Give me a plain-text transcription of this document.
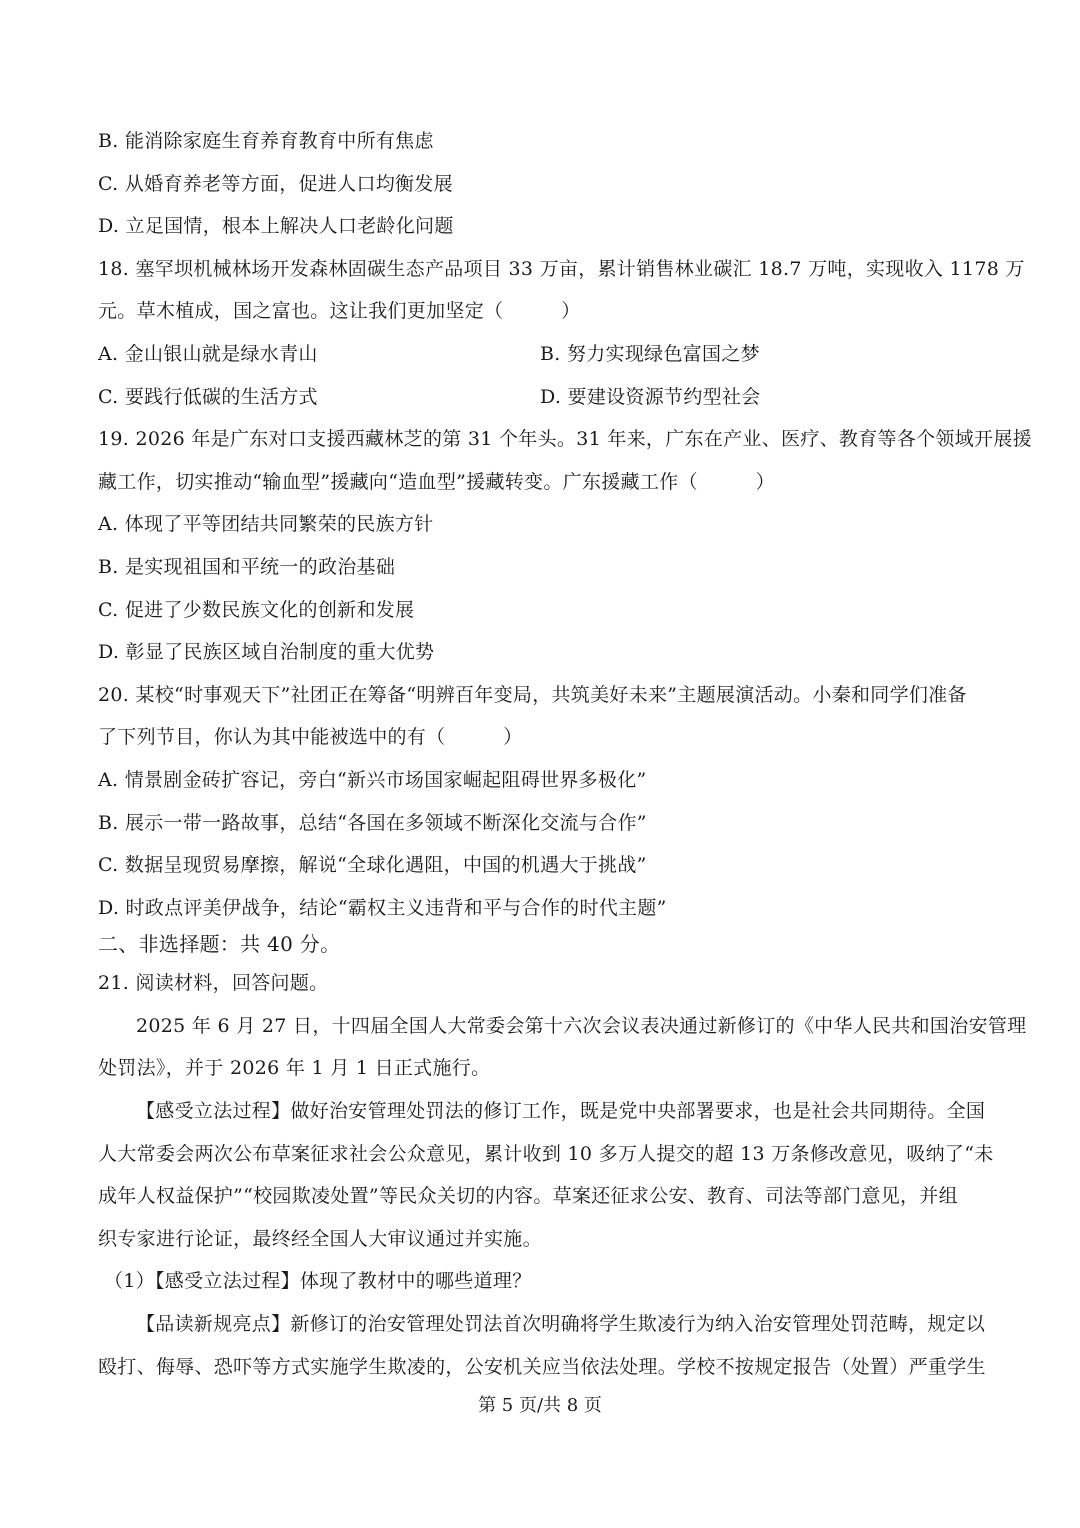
B. 能消除家庭生育养育教育中所有焦虑
C. 从婚育养老等方面，促进人口均衡发展
D. 立足国情，根本上解决人口老龄化问题
18. 塞罕坝机械林场开发森林固碳生态产品项目 33 万亩，累计销售林业碳汇 18.7 万吨，实现收入 1178 万
元。草木植成，国之富也。这让我们更加坚定（　　　）
A. 金山银山就是绿水青山	B. 努力实现绿色富国之梦
C. 要践行低碳的生活方式	D. 要建设资源节约型社会
19. 2026 年是广东对口支援西藏林芝的第 31 个年头。31 年来，广东在产业、医疗、教育等各个领域开展援
藏工作，切实推动“输血型”援藏向“造血型”援藏转变。广东援藏工作（　　　）
A. 体现了平等团结共同繁荣的民族方针
B. 是实现祖国和平统一的政治基础
C. 促进了少数民族文化的创新和发展
D. 彰显了民族区域自治制度的重大优势
20. 某校“时事观天下”社团正在筹备“明辨百年变局，共筑美好未来”主题展演活动。小秦和同学们准备
了下列节目，你认为其中能被选中的有（　　　）
A. 情景剧金砖扩容记，旁白“新兴市场国家崛起阻碍世界多极化”
B. 展示一带一路故事，总结“各国在多领域不断深化交流与合作”
C. 数据呈现贸易摩擦，解说“全球化遇阻，中国的机遇大于挑战”
D. 时政点评美伊战争，结论“霸权主义违背和平与合作的时代主题”
二、非选择题：共 40 分。
21. 阅读材料，回答问题。
2025 年 6 月 27 日，十四届全国人大常委会第十六次会议表决通过新修订的《中华人民共和国治安管理
处罚法》，并于 2026 年 1 月 1 日正式施行。
【感受立法过程】做好治安管理处罚法的修订工作，既是党中央部署要求，也是社会共同期待。全国
人大常委会两次公布草案征求社会公众意见，累计收到 10 多万人提交的超 13 万条修改意见，吸纳了“未
成年人权益保护”“校园欺凌处置”等民众关切的内容。草案还征求公安、教育、司法等部门意见，并组
织专家进行论证，最终经全国人大审议通过并实施。
（1）【感受立法过程】体现了教材中的哪些道理？
【品读新规亮点】新修订的治安管理处罚法首次明确将学生欺凌行为纳入治安管理处罚范畴，规定以
殴打、侮辱、恐吓等方式实施学生欺凌的，公安机关应当依法处理。学校不按规定报告（处置）严重学生
第 5 页/共 8 页
